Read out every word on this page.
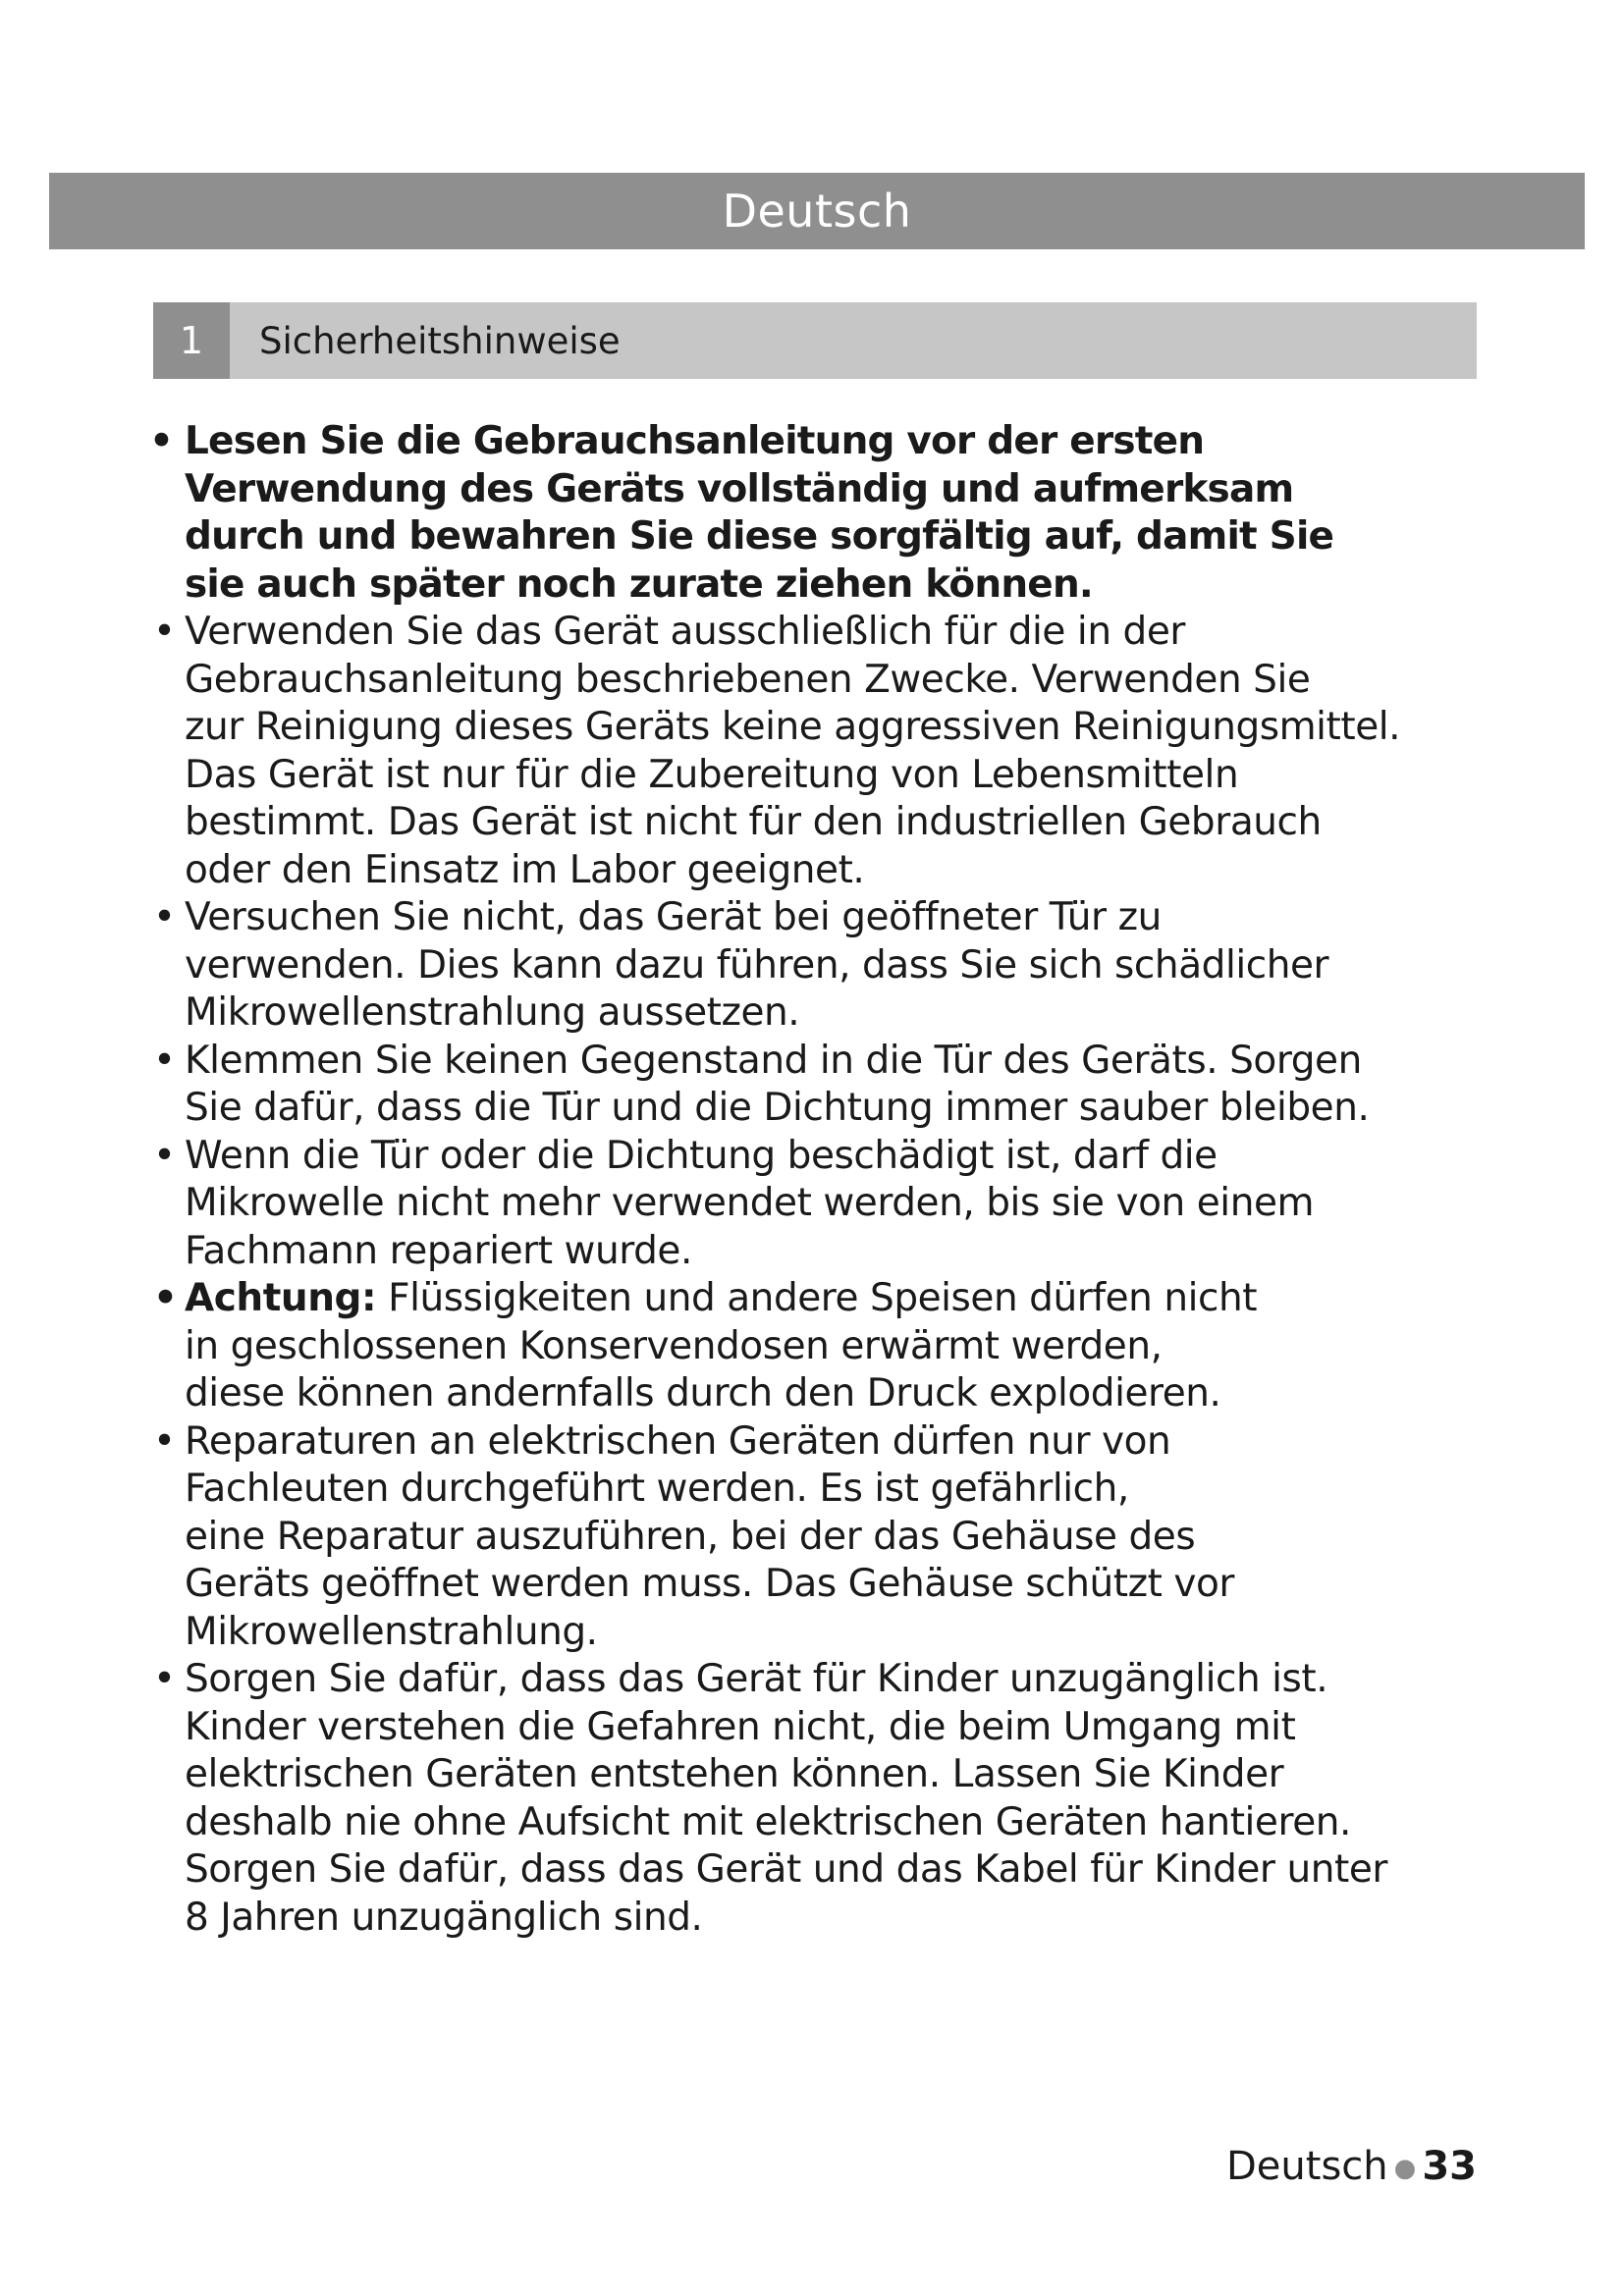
Deutsch
1	Sicherheitshinweise
• Lesen Sie die Gebrauchsanleitung vor der ersten
Verwendung des Geräts vollständig und aufmerksam
durch und bewahren Sie diese sorgfältig auf, damit Sie
sie auch später noch zurate ziehen können.
• Verwenden Sie das Gerät ausschließlich für die in der
Gebrauchsanleitung beschriebenen Zwecke. Verwenden Sie
zur Reinigung dieses Geräts keine aggressiven Reinigungsmittel.
Das Gerät ist nur für die Zubereitung von Lebensmitteln
bestimmt. Das Gerät ist nicht für den industriellen Gebrauch
oder den Einsatz im Labor geeignet.
• Versuchen Sie nicht, das Gerät bei geöffneter Tür zu
verwenden. Dies kann dazu führen, dass Sie sich schädlicher
Mikrowellenstrahlung aussetzen.
• Klemmen Sie keinen Gegenstand in die Tür des Geräts. Sorgen
Sie dafür, dass die Tür und die Dichtung immer sauber bleiben.
• Wenn die Tür oder die Dichtung beschädigt ist, darf die
Mikrowelle nicht mehr verwendet werden, bis sie von einem
Fachmann repariert wurde.
• Achtung: Flüssigkeiten und andere Speisen dürfen nicht
in geschlossenen Konservendosen erwärmt werden,
diese können andernfalls durch den Druck explodieren.
• Reparaturen an elektrischen Geräten dürfen nur von
Fachleuten durchgeführt werden. Es ist gefährlich,
eine Reparatur auszuführen, bei der das Gehäuse des
Geräts geöffnet werden muss. Das Gehäuse schützt vor
Mikrowellenstrahlung.
• Sorgen Sie dafür, dass das Gerät für Kinder unzugänglich ist.
Kinder verstehen die Gefahren nicht, die beim Umgang mit
elektrischen Geräten entstehen können. Lassen Sie Kinder
deshalb nie ohne Aufsicht mit elektrischen Geräten hantieren.
Sorgen Sie dafür, dass das Gerät und das Kabel für Kinder unter
8 Jahren unzugänglich sind.
Deutsch ● 33
